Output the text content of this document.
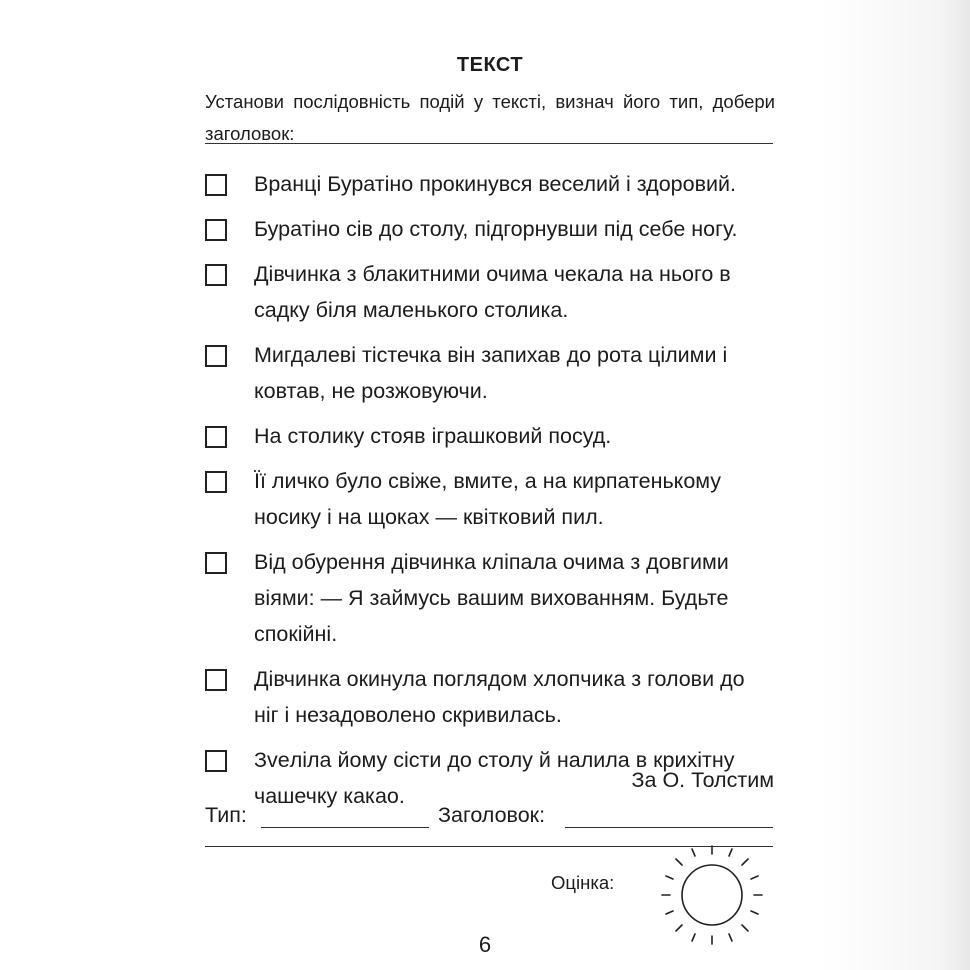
ТЕКСТ
Установи послідовність подій у тексті, визнач його тип, добери заголовок:
Вранці Буратіно прокинувся веселий і здоровий.
Буратіно сів до столу, підгорнувши під себе ногу.
Дівчинка з блакитними очима чекала на нього в садку біля маленького столика.
Мигдалеві тістечка він запихав до рота цілими і ковтав, не розжовуючи.
На столику стояв іграшковий посуд.
Її личко було свіже, вмите, а на кирпатенькому носику і на щоках — квітковий пил.
Від обурення дівчинка кліпала очима з довгими віями: — Я займусь вашим вихованням. Будьте спокійні.
Дівчинка окинула поглядом хлопчика з голови до ніг і незадоволено скривилась.
Зveліла йому сісти до столу й налила в крихітну чашечку какао.
За О. Толстим
Тип:	Заголовок:
Оцінка:
6
